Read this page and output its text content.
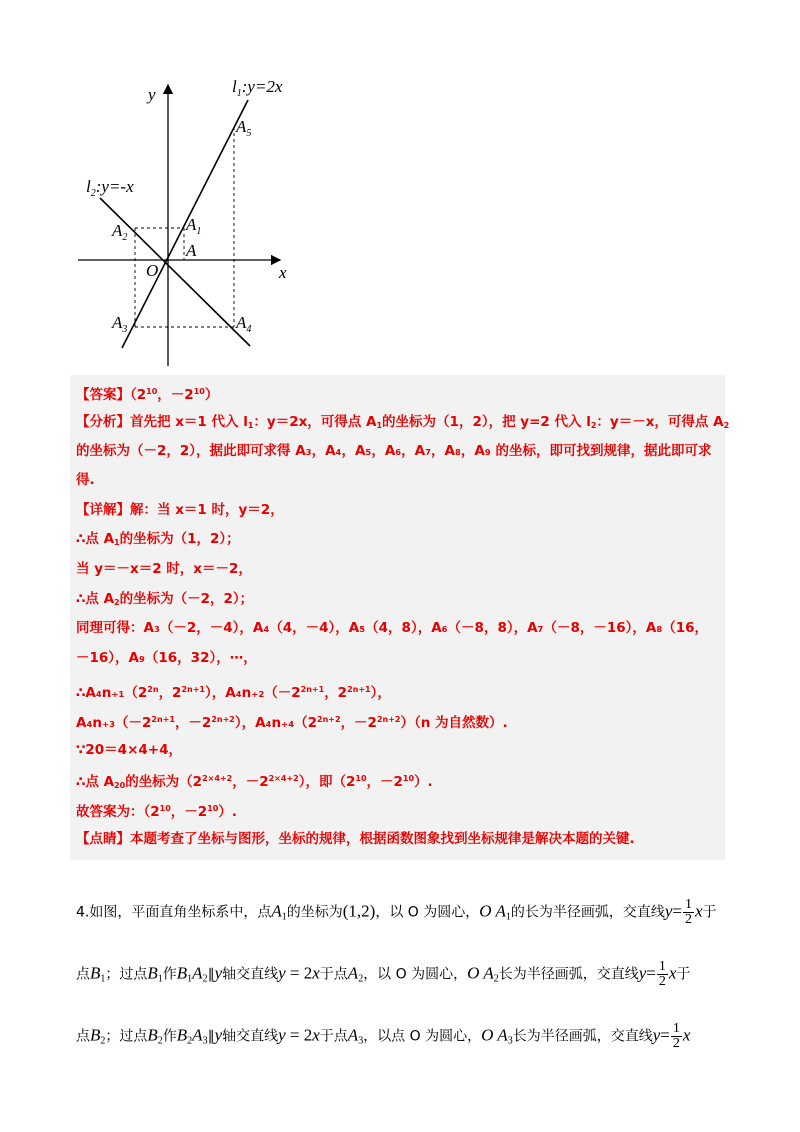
y
x
O
$l_1:y=2x$
$l_2:y=-x$
A
$A_1$
$A_2$
$A_3$	$A_4$
$A_5$
【答案】（$2^{10}$，$-2^{10}$）
【分析】首先把 x＝1 代入 $l_1$：y＝2x，可得点 $A_1$的坐标为（1，2），把 y=2 代入 $l_2$：y＝－x，可得点 $A_2$
的坐标为（－2，2），据此即可求得 A₃，A₄，A₅，A₆，A₇，A₈，A₉ 的坐标，即可找到规律，据此即可求
得.
【详解】解：当 x＝1 时，y＝2，
∴点 $A_1$的坐标为（1，2）；
当 y＝－x＝2 时，x＝－2，
∴点 $A_2$的坐标为（－2，2）；
同理可得：A₃（－2，－4），A₄（4，－4），A₅（4，8），A₆（－8，8），A₇（－8，－16），A₈（16，
－16），A₉（16，32），⋯，
$\therefore A_4n_{+1}(2^{2n}$，$2^{2n+1}$），$A_4n_{+2}(-2^{2n+1}$，$2^{2n+1}$），
$A_4n_{+3}(-2^{2n+1}$，$-2^{2n+2}$），$A_4n_{+4}(2^{2n+2}$，$-2^{2n+2})(n$ 为自然数）.
∵20＝4×4+4，
∴点 $A_{20}$的坐标为（$2^{2\times 4+2}$，$-2^{2\times 4+2}$），即（$2^{10}$，$-2^{10}$）.
故答案为：（$2^{10}$，$-2^{10}$）.
【点睛】本题考查了坐标与图形，坐标的规律，根据函数图象找到坐标规律是解决本题的关键.
4.如图，平面直角坐标系中，点$A_1$的坐标为(1,2)，以 O 为圆心，O $A_1$的长为半径画弧，交直线$y= \frac{1}{2}$ x于
点$B_1$；过点$B_1$作$B_1A_2\parallel y$轴交直线y = 2x于点$A_2$，以 O 为圆心，O $A_2$长为半径画弧，交直线$y= \frac{1}{2}$ x于
点$B_2$；过点$B_2$作$B_2A_3\parallel y$轴交直线y = 2x于点$A_3$，以点 O 为圆心，O $A_3$长为半径画弧，交直线$y= \frac{1}{2}$ x
